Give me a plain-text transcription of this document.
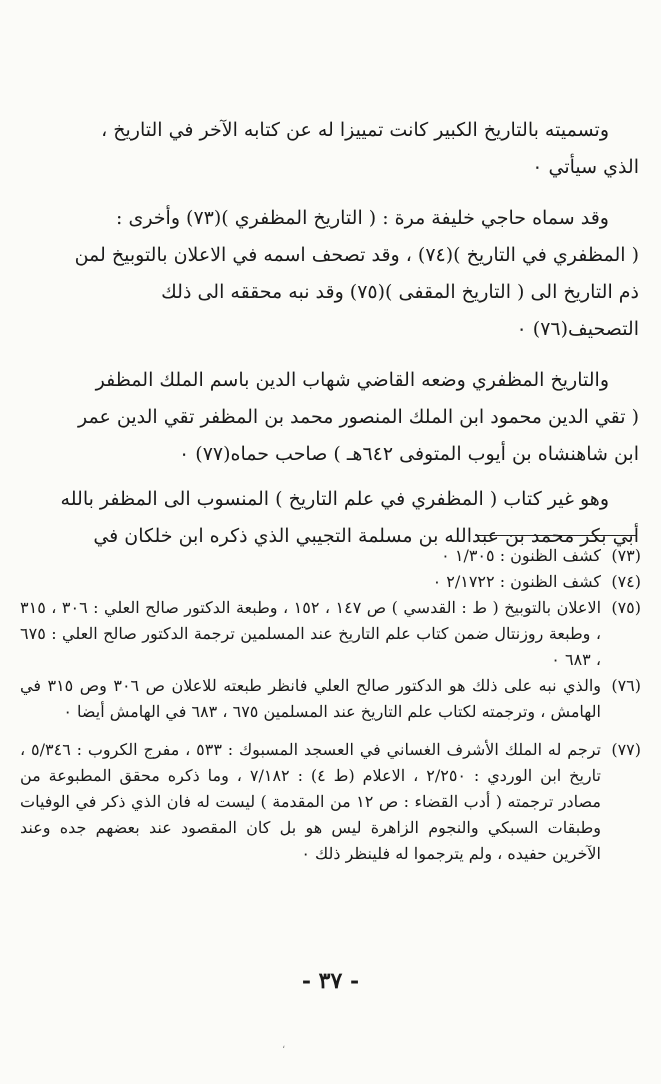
وتسميته بالتاريخ الكبير كانت تمييزا له عن كتابه الآخر في التاريخ ،

الذي سيأتي ٠

وقد سماه حاجي خليفة مرة : ( التاريخ المظفري )(٧٣) وأخرى :

( المظفري في التاريخ )(٧٤) ، وقد تصحف اسمه في الاعلان بالتوبيخ لمن

ذم التاريخ الى ( التاريخ المقفى )(٧٥) وقد نبه محققه الى ذلك

التصحيف(٧٦) ٠

والتاريخ المظفري وضعه القاضي شهاب الدين باسم الملك المظفر

( تقي الدين محمود ابن الملك المنصور محمد بن المظفر تقي الدين عمر

ابن شاهنشاه بن أيوب المتوفى ٦٤٢هـ ) صاحب حماه(٧٧) ٠

وهو غير كتاب ( المظفري في علم التاريخ ) المنسوب الى المظفر بالله

أبي بكر محمد بن عبدالله بن مسلمة التجيبي الذي ذكره ابن خلكان في

(٧٣)
كشف الظنون : ١/٣٠٥ ٠
(٧٤)
كشف الظنون : ٢/١٧٢٢ ٠
(٧٥)
الاعلان بالتوبيخ ( ط : القدسي ) ص ١٤٧ ، ١٥٢ ، وطبعة الدكتور صالح العلي : ٣٠٦ ، ٣١٥ ، وطبعة روزنتال ضمن كتاب علم التاريخ عند المسلمين ترجمة الدكتور صالح العلي : ٦٧٥ ، ٦٨٣ ٠
(٧٦)
والذي نبه على ذلك هو الدكتور صالح العلي فانظر طبعته للاعلان ص ٣٠٦ وص ٣١٥ في الهامش ، وترجمته لكتاب علم التاريخ عند المسلمين ٦٧٥ ، ٦٨٣ في الهامش أيضا ٠
(٧٧)
ترجم له الملك الأشرف الغساني في العسجد المسبوك : ٥٣٣ ، مفرج الكروب : ٥/٣٤٦ ، تاريخ ابن الوردي : ٢/٢٥٠ ، الاعلام (ط ٤) : ٧/١٨٢ ، وما ذكره محقق المطبوعة من مصادر ترجمته ( أدب القضاء : ص ١٢ من المقدمة ) ليست له فان الذي ذكر في الوفيات وطبقات السبكي والنجوم الزاهرة ليس هو بل كان المقصود عند بعضهم جده وعند الآخرين حفيده ، ولم يترجموا له فلينظر ذلك ٠
- ٣٧ -
،
